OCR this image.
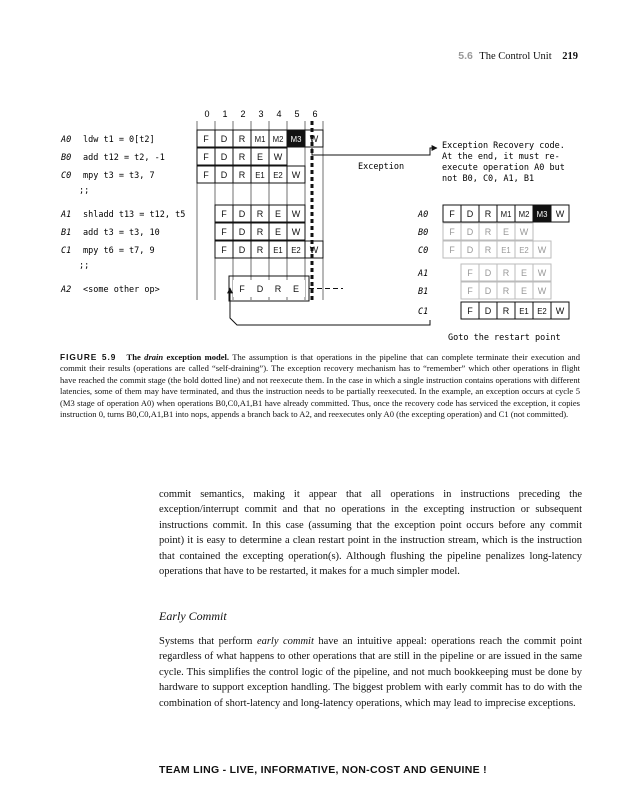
5.6 The Control Unit 219
0 1 2 3 4 5 6
A0 ldw t1 = 0[t2]	F D R M1 M2 M3 W
B0 add t12 = t2, -1	F D R E W
C0 mpy t3 = t3, 7	F D R E1 E2 W
;;
A1 shladd t13 = t12, t5	F D R E W
B1 add t3 = t3, 10	F D R E W
C1 mpy t6 = t7, 9	F D R E1 E2 W
;;
A2 <some other op>	F D R E
A0 F D R M1 M2 M3 W
B0 F D R E W
C0 F D R E1 E2 W
A1	F D R E W
B1	F D R E W
C1	F D R E1 E2 W
Exception
Exception Recovery code.
At the end, it must re-
execute operation A0 but
not B0, C0, A1, B1
Goto the restart point
FIGURE 5.9 The drain exception model. The assumption is that operations in the pipeline that can complete terminate their execution and commit their results (operations are called “self-draining”). The exception recovery mechanism has to “remember” which other operations in flight have reached the commit stage (the bold dotted line) and not reexecute them. In the case in which a single instruction contains operations with different latencies, some of them may have terminated, and thus the instruction needs to be partially reexecuted. In the example, an exception occurs at cycle 5 (M3 stage of operation A0) when operations B0,C0,A1,B1 have already committed. Thus, once the recovery code has serviced the exception, it copies instruction 0, turns B0,C0,A1,B1 into nops, appends a branch back to A2, and reexecutes only A0 (the excepting operation) and C1 (not committed).
commit semantics, making it appear that all operations in instructions preceding the exception/interrupt commit and that no operations in the excepting instruction or subsequent instructions commit. In this case (assuming that the exception point occurs before any commit point) it is easy to determine a clean restart point in the instruction stream, which is the instruction that contained the excepting operation(s). Although flushing the pipeline penalizes long-latency operations that have to be restarted, it makes for a much simpler model.
Early Commit
Systems that perform early commit have an intuitive appeal: operations reach the commit point regardless of what happens to other operations that are still in the pipeline or are issued in the same cycle. This simplifies the control logic of the pipeline, and not much bookkeeping must be done by hardware to support exception handling. The biggest problem with early commit has to do with the combination of short-latency and long-latency operations, which may lead to imprecise exceptions.
TEAM LING - LIVE, INFORMATIVE, NON-COST AND GENUINE !
